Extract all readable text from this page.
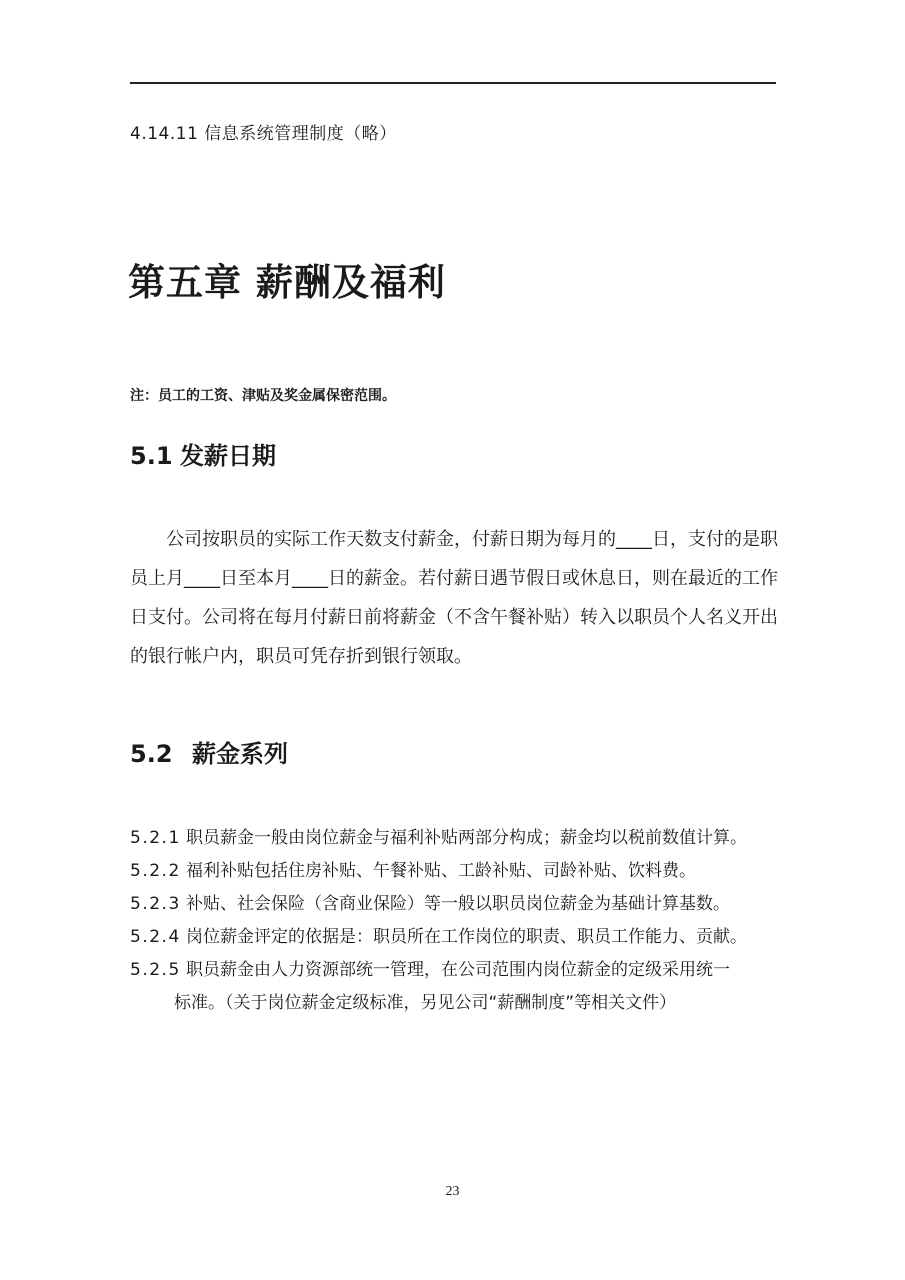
4.14.11 信息系统管理制度（略）
第五章 薪酬及福利
注：员工的工资、津贴及奖金属保密范围。
5.1 发薪日期
公司按职员的实际工作天数支付薪金，付薪日期为每月的____日，支付的是职员上月____日至本月____日的薪金。若付薪日遇节假日或休息日，则在最近的工作日支付。公司将在每月付薪日前将薪金（不含午餐补贴）转入以职员个人名义开出的银行帐户内，职员可凭存折到银行领取。
5.2 薪金系列
5.2.1 职员薪金一般由岗位薪金与福利补贴两部分构成；薪金均以税前数值计算。
5.2.2 福利补贴包括住房补贴、午餐补贴、工龄补贴、司龄补贴、饮料费。
5.2.3 补贴、社会保险（含商业保险）等一般以职员岗位薪金为基础计算基数。
5.2.4 岗位薪金评定的依据是：职员所在工作岗位的职责、职员工作能力、贡献。
5.2.5 职员薪金由人力资源部统一管理，在公司范围内岗位薪金的定级采用统一
标准。（关于岗位薪金定级标准，另见公司“薪酬制度”等相关文件）
23
